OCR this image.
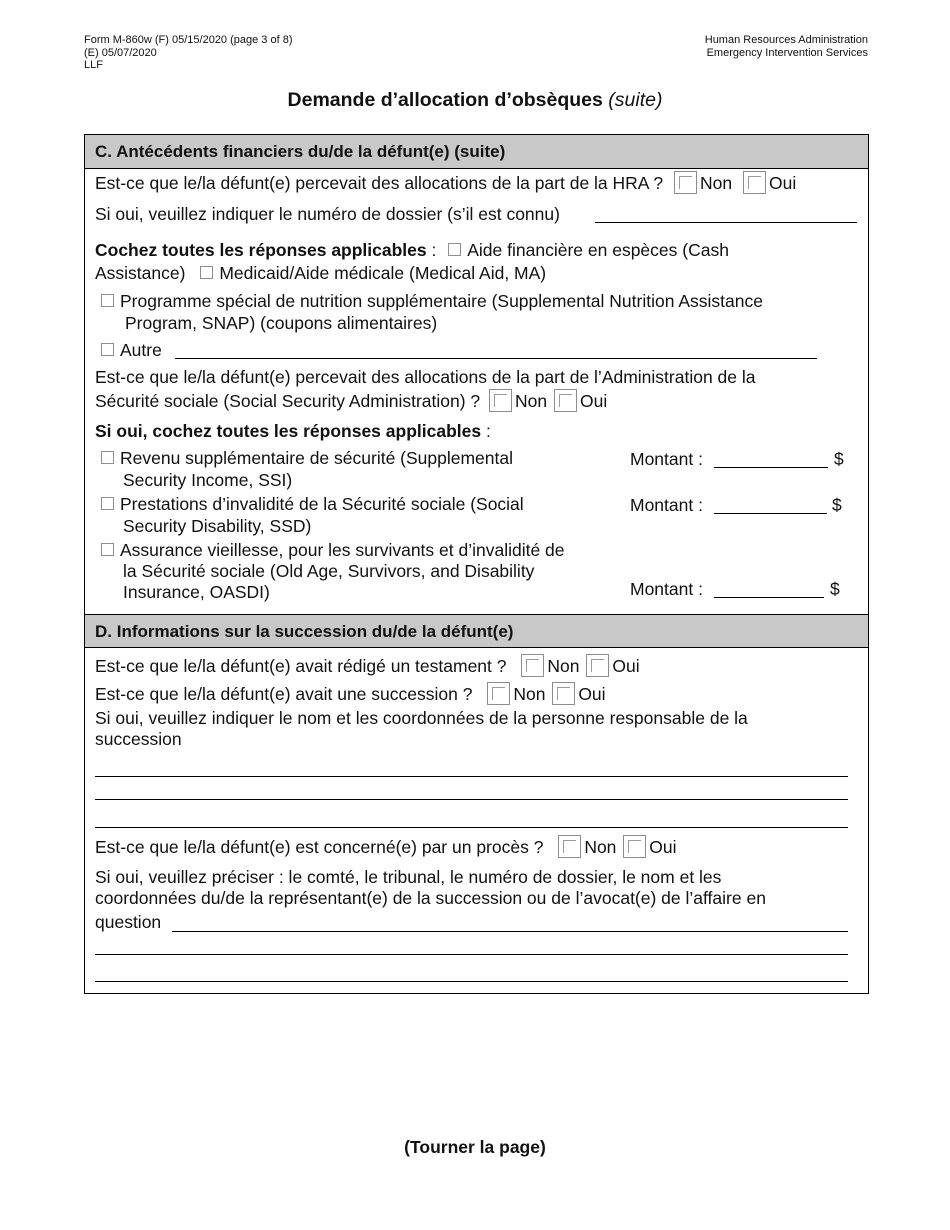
Form M-860w (F) 05/15/2020 (page 3 of 8)
(E) 05/07/2020
LLF
Human Resources Administration
Emergency Intervention Services
Demande d’allocation d’obsèques (suite)
C. Antécédents financiers du/de la défunt(e) (suite)
Est-ce que le/la défunt(e) percevait des allocations de la part de la HRA ? Non Oui
Si oui, veuillez indiquer le numéro de dossier (s’il est connu)
Cochez toutes les réponses applicables : Aide financière en espèces (Cash
Assistance) Medicaid/Aide médicale (Medical Aid, MA)
Programme spécial de nutrition supplémentaire (Supplemental Nutrition Assistance
Program, SNAP) (coupons alimentaires)
Autre
Est-ce que le/la défunt(e) percevait des allocations de la part de l’Administration de la
Sécurité sociale (Social Security Administration) ? Non Oui
Si oui, cochez toutes les réponses applicables :
Revenu supplémentaire de sécurité (Supplemental
Security Income, SSI)
Montant :	$
Prestations d’invalidité de la Sécurité sociale (Social
Security Disability, SSD)
Montant :	$
Assurance vieillesse, pour les survivants et d’invalidité de
la Sécurité sociale (Old Age, Survivors, and Disability
Insurance, OASDI)	Montant :	$
D. Informations sur la succession du/de la défunt(e)
Est-ce que le/la défunt(e) avait rédigé un testament ? Non Oui
Est-ce que le/la défunt(e) avait une succession ? Non Oui
Si oui, veuillez indiquer le nom et les coordonnées de la personne responsable de la
succession
Est-ce que le/la défunt(e) est concerné(e) par un procès ? Non Oui
Si oui, veuillez préciser : le comté, le tribunal, le numéro de dossier, le nom et les
coordonnées du/de la représentant(e) de la succession ou de l’avocat(e) de l’affaire en
question
(Tourner la page)
